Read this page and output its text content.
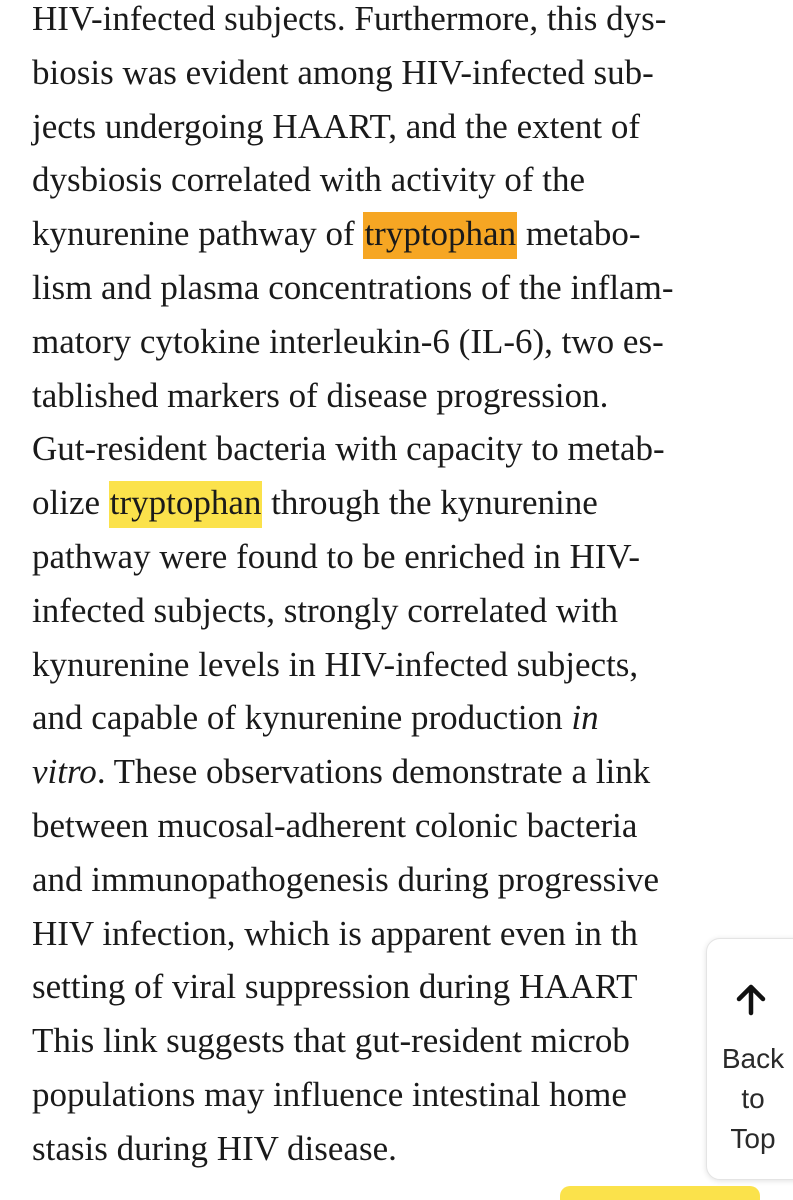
HIV-infected subjects. Furthermore, this dys-
biosis was evident among HIV-infected sub-
jects undergoing HAART, and the extent of
dysbiosis correlated with activity of the
kynurenine pathway of tryptophan metabo-
lism and plasma concentrations of the inflam-
matory cytokine interleukin-6 (IL-6), two es-
tablished markers of disease progression.
Gut-resident bacteria with capacity to metab-
olize tryptophan through the kynurenine
pathway were found to be enriched in HIV-
infected subjects, strongly correlated with
kynurenine levels in HIV-infected subjects,
and capable of kynurenine production in
vitro. These observations demonstrate a link
between mucosal-adherent colonic bacteria
and immunopathogenesis during progressive
HIV infection, which is apparent even in th
setting of viral suppression during HAART
This link suggests that gut-resident microb
populations may influence intestinal home
stasis during HIV disease.
Back
to
Top
